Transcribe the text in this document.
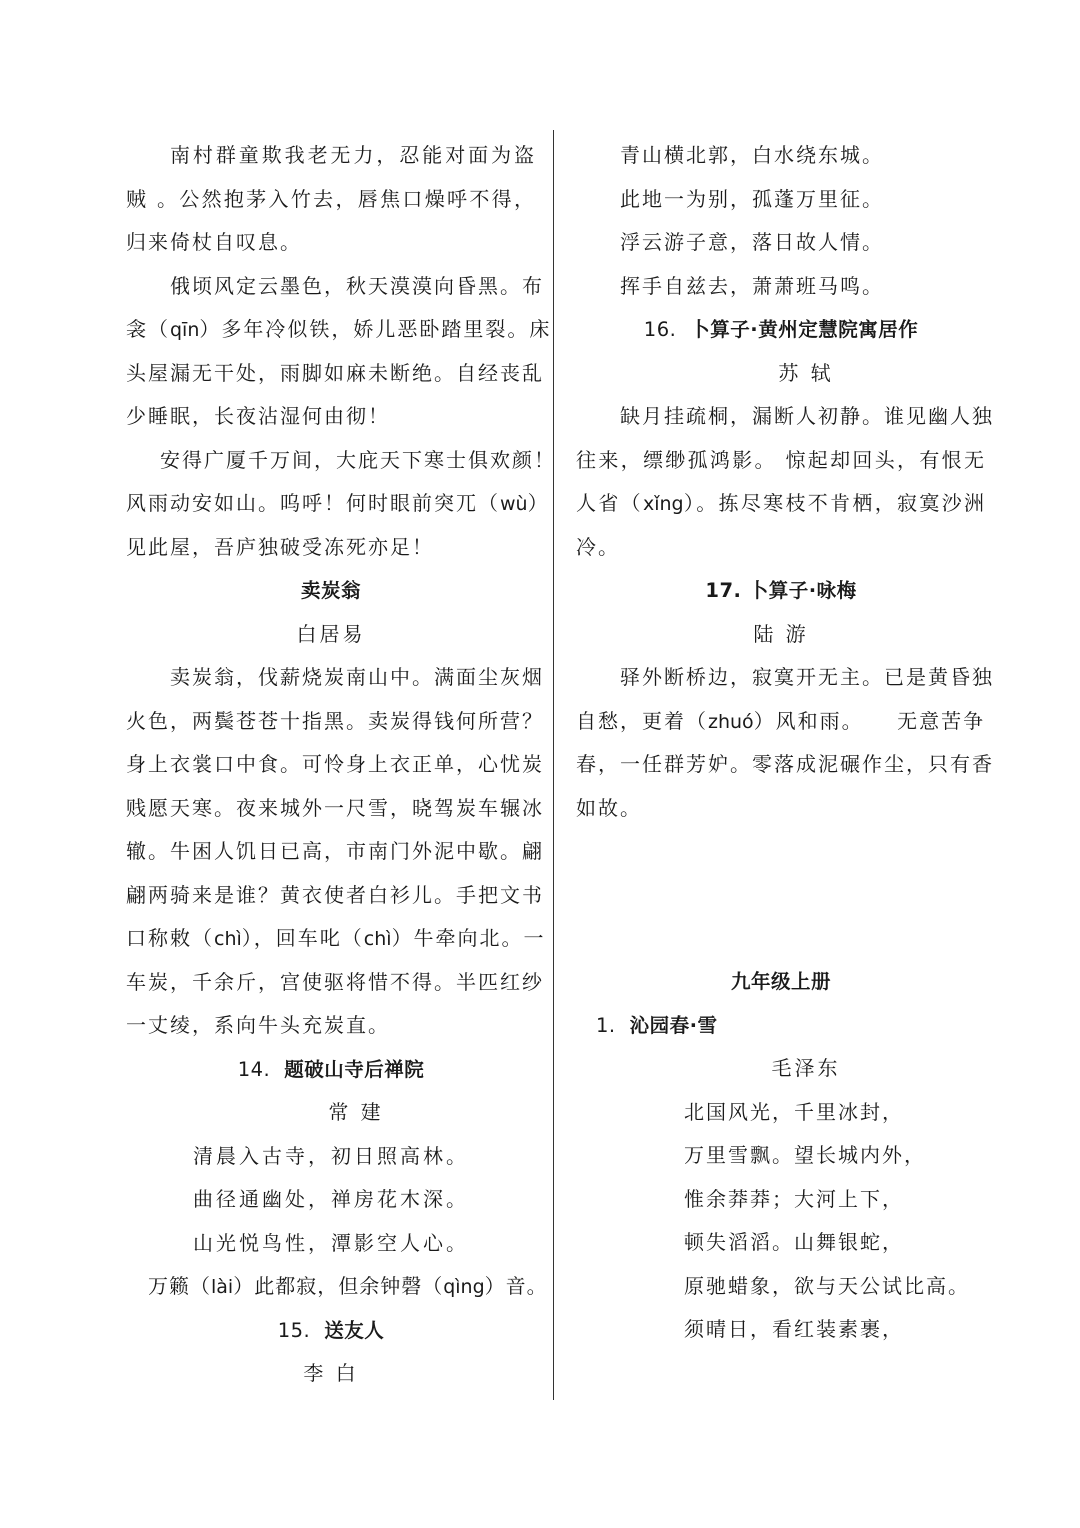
南村群童欺我老无力，忍能对面为盗
贼 。公然抱茅入竹去，唇焦口燥呼不得，
归来倚杖自叹息。
俄顷风定云墨色，秋天漠漠向昏黑。布
衾（qīn）多年冷似铁，娇儿恶卧踏里裂。床
头屋漏无干处，雨脚如麻未断绝。自经丧乱
少睡眠，长夜沾湿何由彻！
安得广厦千万间，大庇天下寒士俱欢颜！
风雨动安如山。呜呼！何时眼前突兀（wù）
见此屋，吾庐独破受冻死亦足！
卖炭翁
白居易
卖炭翁，伐薪烧炭南山中。满面尘灰烟
火色，两鬓苍苍十指黑。卖炭得钱何所营？
身上衣裳口中食。可怜身上衣正单，心忧炭
贱愿天寒。夜来城外一尺雪，晓驾炭车辗冰
辙。牛困人饥日已高，市南门外泥中歇。翩
翩两骑来是谁？黄衣使者白衫儿。手把文书
口称敕（chì），回车叱（chì）牛牵向北。一
车炭，千余斤，宫使驱将惜不得。半匹红纱
一丈绫，系向牛头充炭直。
14. 题破山寺后禅院
常 建
清晨入古寺，初日照高林。
曲径通幽处，禅房花木深。
山光悦鸟性，潭影空人心。
万籁（lài）此都寂，但余钟磬（qìng）音。
15. 送友人
李 白
青山横北郭，白水绕东城。
此地一为别，孤蓬万里征。
浮云游子意，落日故人情。
挥手自兹去，萧萧班马鸣。
16. 卜算子·黄州定慧院寓居作
苏 轼
缺月挂疏桐，漏断人初静。谁见幽人独
往来，缥缈孤鸿影。 惊起却回头，有恨无
人省（xǐng）。拣尽寒枝不肯栖，寂寞沙洲
冷。
17. 卜算子·咏梅
陆 游
驿外断桥边，寂寞开无主。已是黄昏独
自愁，更着（zhuó）风和雨。    无意苦争
春，一任群芳妒。零落成泥碾作尘，只有香
如故。
九年级上册
1. 沁园春·雪
毛泽东
北国风光，千里冰封，
万里雪飘。望长城内外，
惟余莽莽；大河上下，
顿失滔滔。山舞银蛇，
原驰蜡象，欲与天公试比高。
须晴日，看红装素裹，
